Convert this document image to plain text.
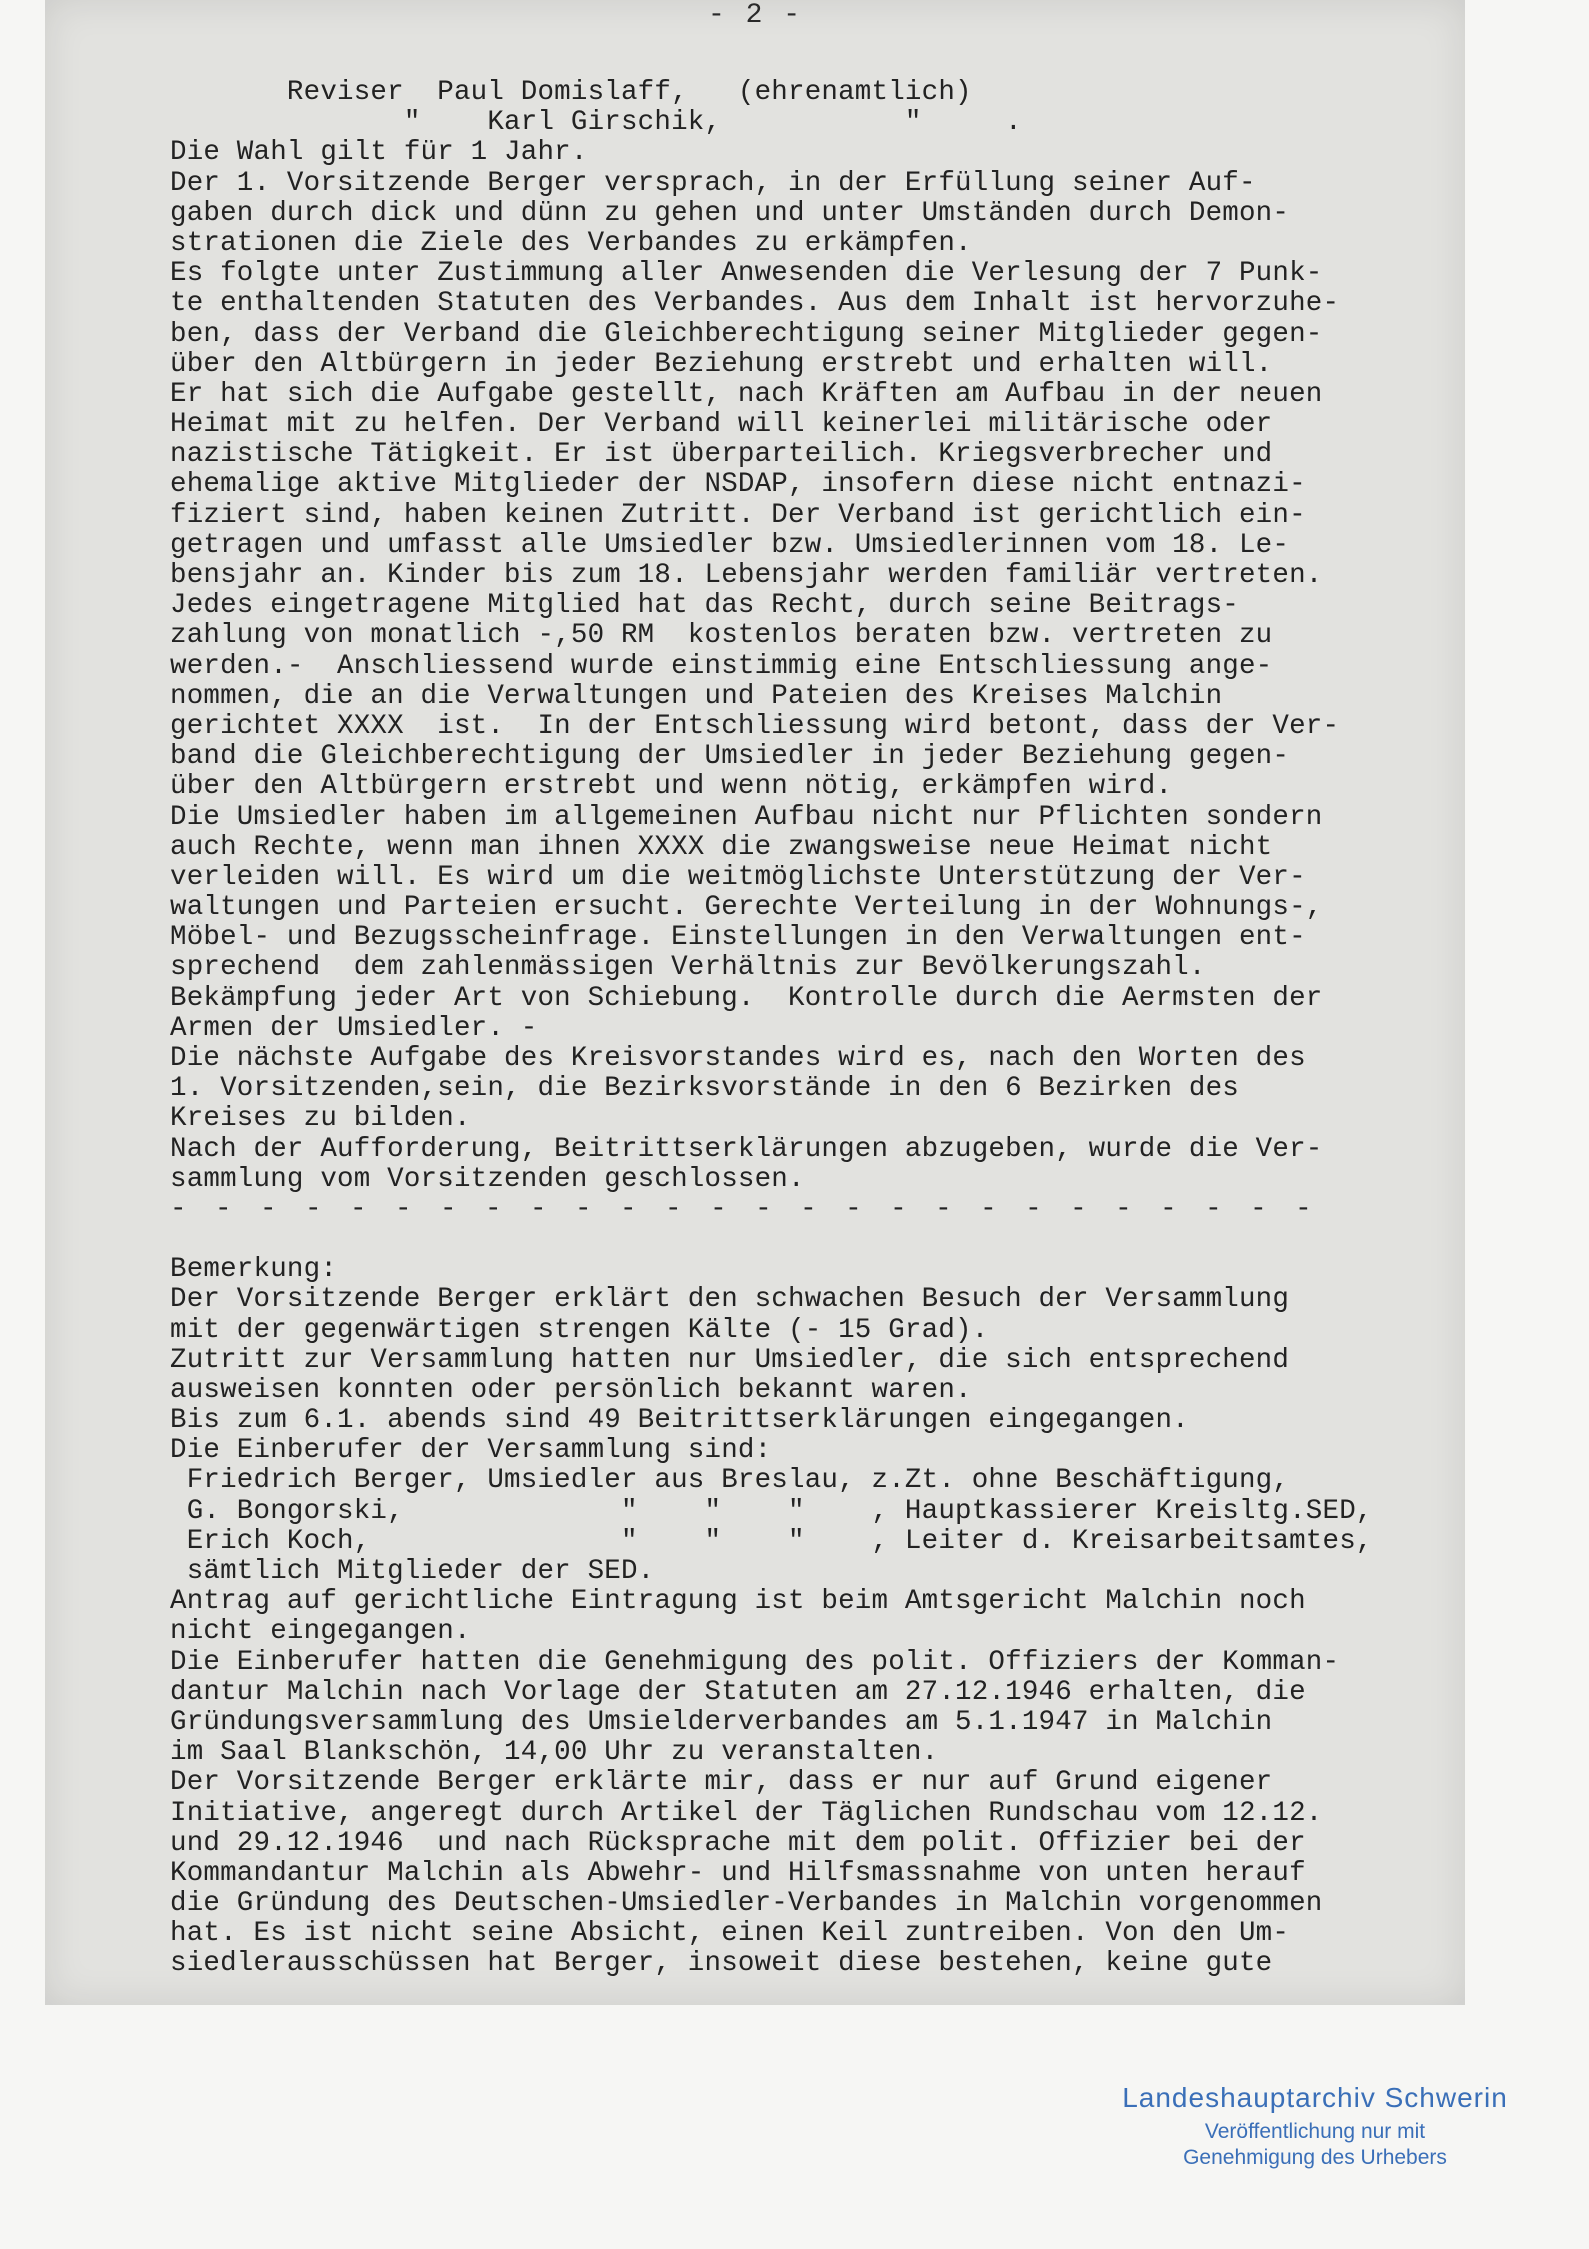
- 2 -
Reviser  Paul Domislaff,   (ehrenamtlich)
"    Karl Girschik,           "     .
Die Wahl gilt für 1 Jahr.
Der 1. Vorsitzende Berger versprach, in der Erfüllung seiner Auf-
gaben durch dick und dünn zu gehen und unter Umständen durch Demon-
strationen die Ziele des Verbandes zu erkämpfen.
Es folgte unter Zustimmung aller Anwesenden die Verlesung der 7 Punk-
te enthaltenden Statuten des Verbandes. Aus dem Inhalt ist hervorzuhe-
ben, dass der Verband die Gleichberechtigung seiner Mitglieder gegen-
über den Altbürgern in jeder Beziehung erstrebt und erhalten will.
Er hat sich die Aufgabe gestellt, nach Kräften am Aufbau in der neuen
Heimat mit zu helfen. Der Verband will keinerlei militärische oder
nazistische Tätigkeit. Er ist überparteilich. Kriegsverbrecher und
ehemalige aktive Mitglieder der NSDAP, insofern diese nicht entnazi-
fiziert sind, haben keinen Zutritt. Der Verband ist gerichtlich ein-
getragen und umfasst alle Umsiedler bzw. Umsiedlerinnen vom 18. Le-
bensjahr an. Kinder bis zum 18. Lebensjahr werden familiär vertreten.
Jedes eingetragene Mitglied hat das Recht, durch seine Beitrags-
zahlung von monatlich -,50 RM  kostenlos beraten bzw. vertreten zu
werden.-  Anschliessend wurde einstimmig eine Entschliessung ange-
nommen, die an die Verwaltungen und Pateien des Kreises Malchin
gerichtet XXXX  ist.  In der Entschliessung wird betont, dass der Ver-
band die Gleichberechtigung der Umsiedler in jeder Beziehung gegen-
über den Altbürgern erstrebt und wenn nötig, erkämpfen wird.
Die Umsiedler haben im allgemeinen Aufbau nicht nur Pflichten sondern
auch Rechte, wenn man ihnen XXXX die zwangsweise neue Heimat nicht
verleiden will. Es wird um die weitmöglichste Unterstützung der Ver-
waltungen und Parteien ersucht. Gerechte Verteilung in der Wohnungs-,
Möbel- und Bezugsscheinfrage. Einstellungen in den Verwaltungen ent-
sprechend  dem zahlenmässigen Verhältnis zur Bevölkerungszahl.
Bekämpfung jeder Art von Schiebung.  Kontrolle durch die Aermsten der
Armen der Umsiedler. -
Die nächste Aufgabe des Kreisvorstandes wird es, nach den Worten des
1. Vorsitzenden,sein, die Bezirksvorstände in den 6 Bezirken des
Kreises zu bilden.
Nach der Aufforderung, Beitrittserklärungen abzugeben, wurde die Ver-
sammlung vom Vorsitzenden geschlossen.
- - - - - - - - - - - - - - - - - - - - - - - - - -
Bemerkung:
Der Vorsitzende Berger erklärt den schwachen Besuch der Versammlung
mit der gegenwärtigen strengen Kälte (- 15 Grad).
Zutritt zur Versammlung hatten nur Umsiedler, die sich entsprechend
ausweisen konnten oder persönlich bekannt waren.
Bis zum 6.1. abends sind 49 Beitrittserklärungen eingegangen.
Die Einberufer der Versammlung sind:
Friedrich Berger, Umsiedler aus Breslau, z.Zt. ohne Beschäftigung,
G. Bongorski,             "    "    "    , Hauptkassierer Kreisltg.SED,
Erich Koch,               "    "    "    , Leiter d. Kreisarbeitsamtes,
sämtlich Mitglieder der SED.
Antrag auf gerichtliche Eintragung ist beim Amtsgericht Malchin noch
nicht eingegangen.
Die Einberufer hatten die Genehmigung des polit. Offiziers der Komman-
dantur Malchin nach Vorlage der Statuten am 27.12.1946 erhalten, die
Gründungsversammlung des Umsielderverbandes am 5.1.1947 in Malchin
im Saal Blankschön, 14,00 Uhr zu veranstalten.
Der Vorsitzende Berger erklärte mir, dass er nur auf Grund eigener
Initiative, angeregt durch Artikel der Täglichen Rundschau vom 12.12.
und 29.12.1946  und nach Rücksprache mit dem polit. Offizier bei der
Kommandantur Malchin als Abwehr- und Hilfsmassnahme von unten herauf
die Gründung des Deutschen-Umsiedler-Verbandes in Malchin vorgenommen
hat. Es ist nicht seine Absicht, einen Keil zuntreiben. Von den Um-
siedlerausschüssen hat Berger, insoweit diese bestehen, keine gute
Landeshauptarchiv Schwerin
Veröffentlichung nur mit
Genehmigung des Urhebers
